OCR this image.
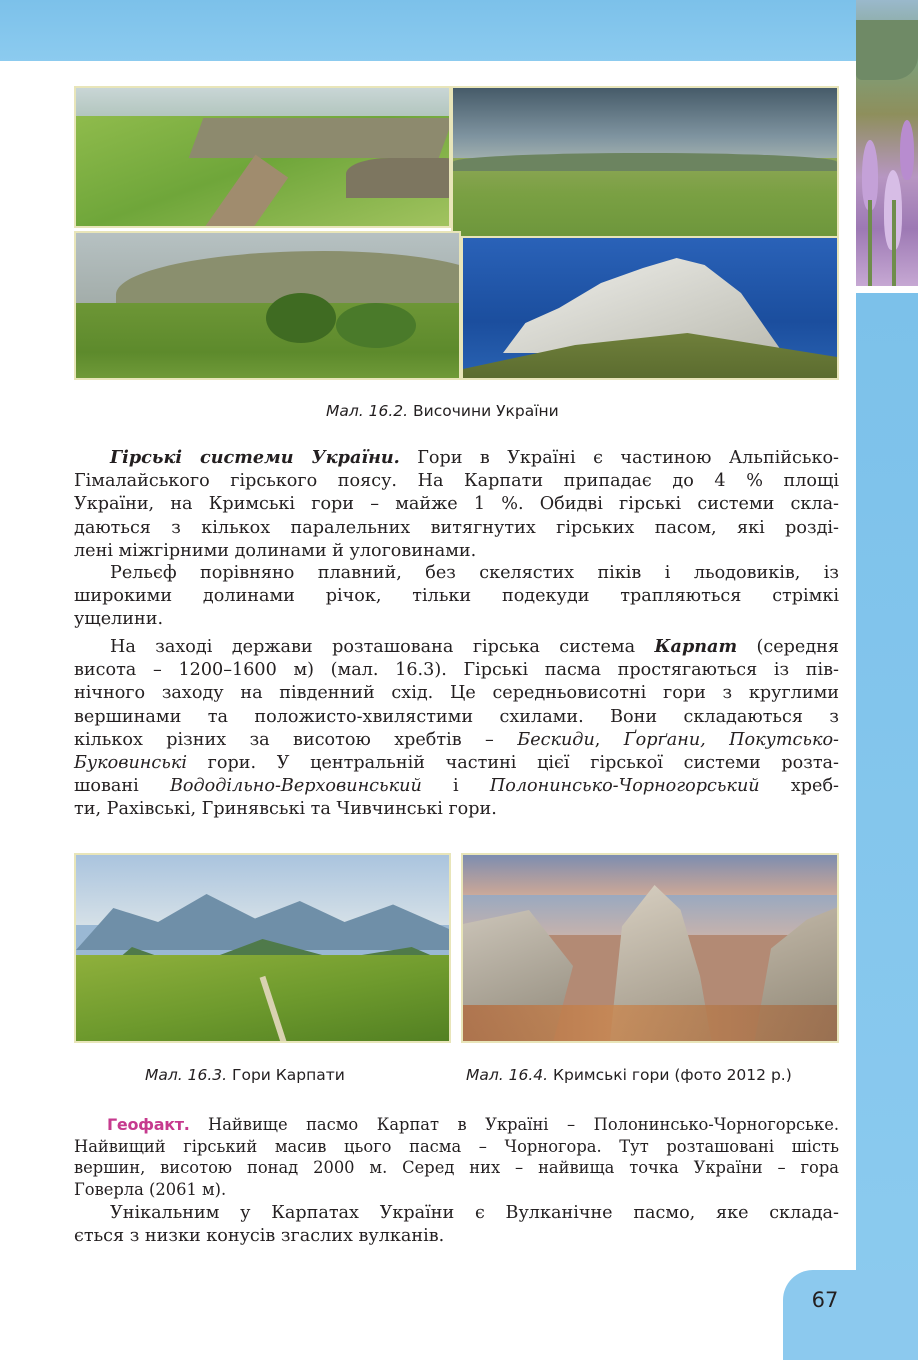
Мал. 16.2. Височини України
Гірські системи України. Гори в Україні є частиною Альпійсько-
Гімалайського гірського поясу. На Карпати припадає до 4 % площі
України, на Кримські гори – майже 1 %. Обидві гірські системи скла-
даються з кількох паралельних витягнутих гірських пасом, які розді-
лені міжгірними долинами й улоговинами.
Рельєф порівняно плавний, без скелястих піків і льодовиків, із
широкими долинами річок, тільки подекуди трапляються стрімкі
ущелини.
На заході держави розташована гірська система Карпат (середня
висота – 1200–1600 м) (мал. 16.3). Гірські пасма простягаються із пів-
нічного заходу на південний схід. Це середньовисотні гори з круглими
вершинами та положисто-хвилястими схилами. Вони складаються з
кількох різних за висотою хребтів – Бескиди, Ґорґани, Покутсько-
Буковинські гори. У центральній частині цієї гірської системи розта-
шовані Вододільно-Верховинський і Полонинсько-Чорногорський хреб-
ти, Рахівські, Гринявські та Чивчинські гори.
Мал. 16.3. Гори Карпати	Мал. 16.4. Кримські гори (фото 2012 р.)
Геофакт. Найвище пасмо Карпат в Україні – Полонинсько-Чорногорське.
Найвищий гірський масив цього пасма – Чорногора. Тут розташовані шість
вершин, висотою понад 2000 м. Серед них – найвища точка України – гора
Говерла (2061 м).
Унікальним у Карпатах України є Вулканічне пасмо, яке склада-
ється з низки конусів згаслих вулканів.
67
